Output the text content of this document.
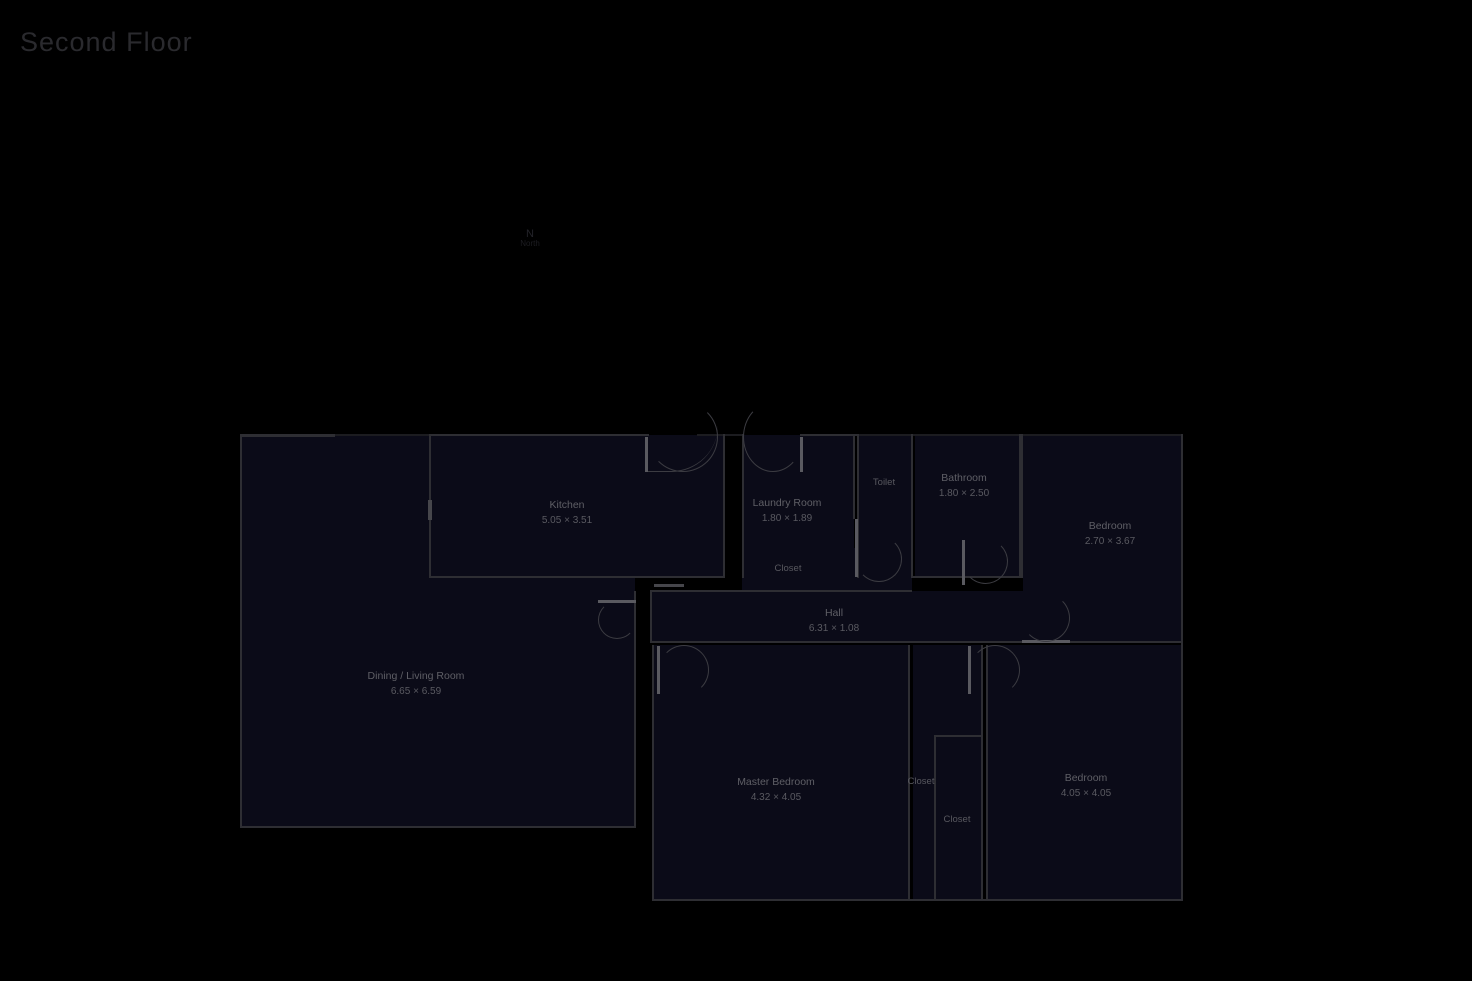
Second Floor
N
North
Dining / Living Room
6.65 × 6.59
Kitchen
5.05 × 3.51
Laundry Room
1.80 × 1.89
Toilet	Bathroom
1.80 × 2.50
Bedroom
2.70 × 3.67
Closet
Hall
6.31 × 1.08
Master Bedroom
4.32 × 4.05
Closet
Closet
Bedroom
4.05 × 4.05
